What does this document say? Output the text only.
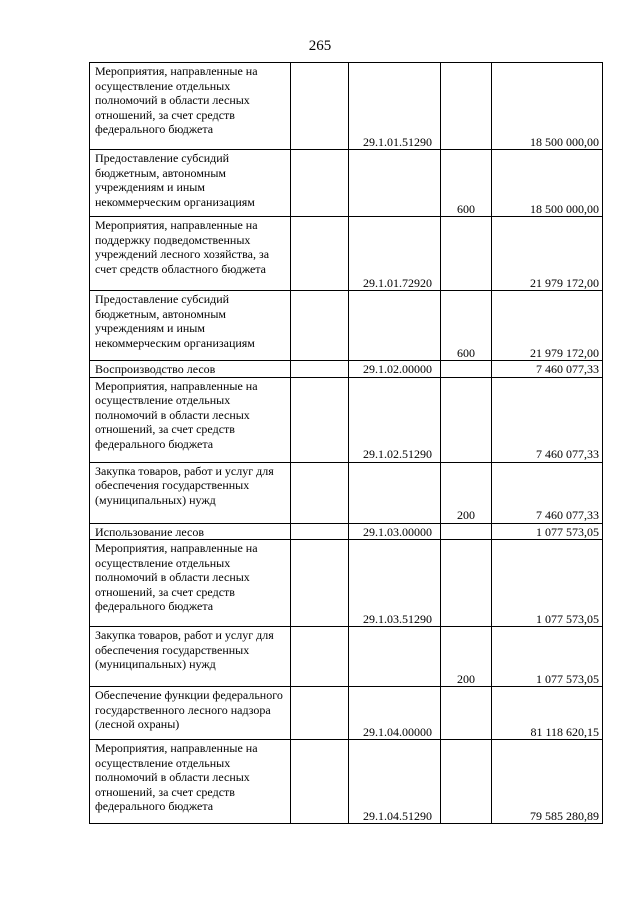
265
Мероприятия, направленные на осуществление отдельных полномочий в области лесных отношений, за счет средств федерального бюджета		29.1.01.51290		18 500 000,00
Предоставление субсидий бюджетным, автономным учреждениям и иным некоммерческим организациям			600	18 500 000,00
Мероприятия, направленные на поддержку подведомственных учреждений лесного хозяйства, за счет средств областного бюджета		29.1.01.72920		21 979 172,00
Предоставление субсидий бюджетным, автономным учреждениям и иным некоммерческим организациям			600	21 979 172,00
Воспроизводство лесов		29.1.02.00000		7 460 077,33
Мероприятия, направленные на осуществление отдельных полномочий в области лесных отношений, за счет средств федерального бюджета		29.1.02.51290		7 460 077,33
Закупка товаров, работ и услуг для обеспечения государственных (муниципальных) нужд			200	7 460 077,33
Использование лесов		29.1.03.00000		1 077 573,05
Мероприятия, направленные на осуществление отдельных полномочий в области лесных отношений, за счет средств федерального бюджета		29.1.03.51290		1 077 573,05
Закупка товаров, работ и услуг для обеспечения государственных (муниципальных) нужд			200	1 077 573,05
Обеспечение функции федерального государственного лесного надзора (лесной охраны)		29.1.04.00000		81 118 620,15
Мероприятия, направленные на осуществление отдельных полномочий в области лесных отношений, за счет средств федерального бюджета		29.1.04.51290		79 585 280,89
